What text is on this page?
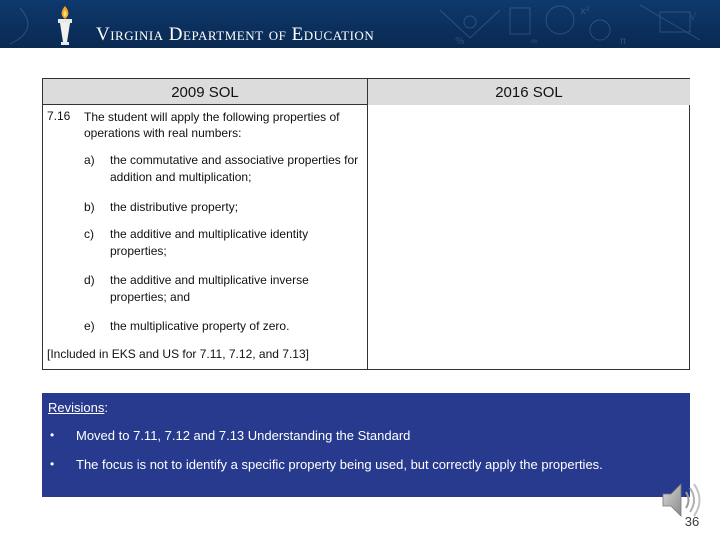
x²
π
√
=
%
Virginia Department of Education
2009 SOL	2016 SOL
7.16 The student will apply the following properties of operations with real numbers:
a) the commutative and associative properties for addition and multiplication;
b) the distributive property;
c) the additive and multiplicative identity properties;
d) the additive and multiplicative inverse properties; and
e) the multiplicative property of zero.
[Included in EKS and US for 7.11, 7.12, and 7.13]
Revisions:
• Moved to 7.11, 7.12 and 7.13 Understanding the Standard
• The focus is not to identify a specific property being used, but correctly apply the properties.
36
